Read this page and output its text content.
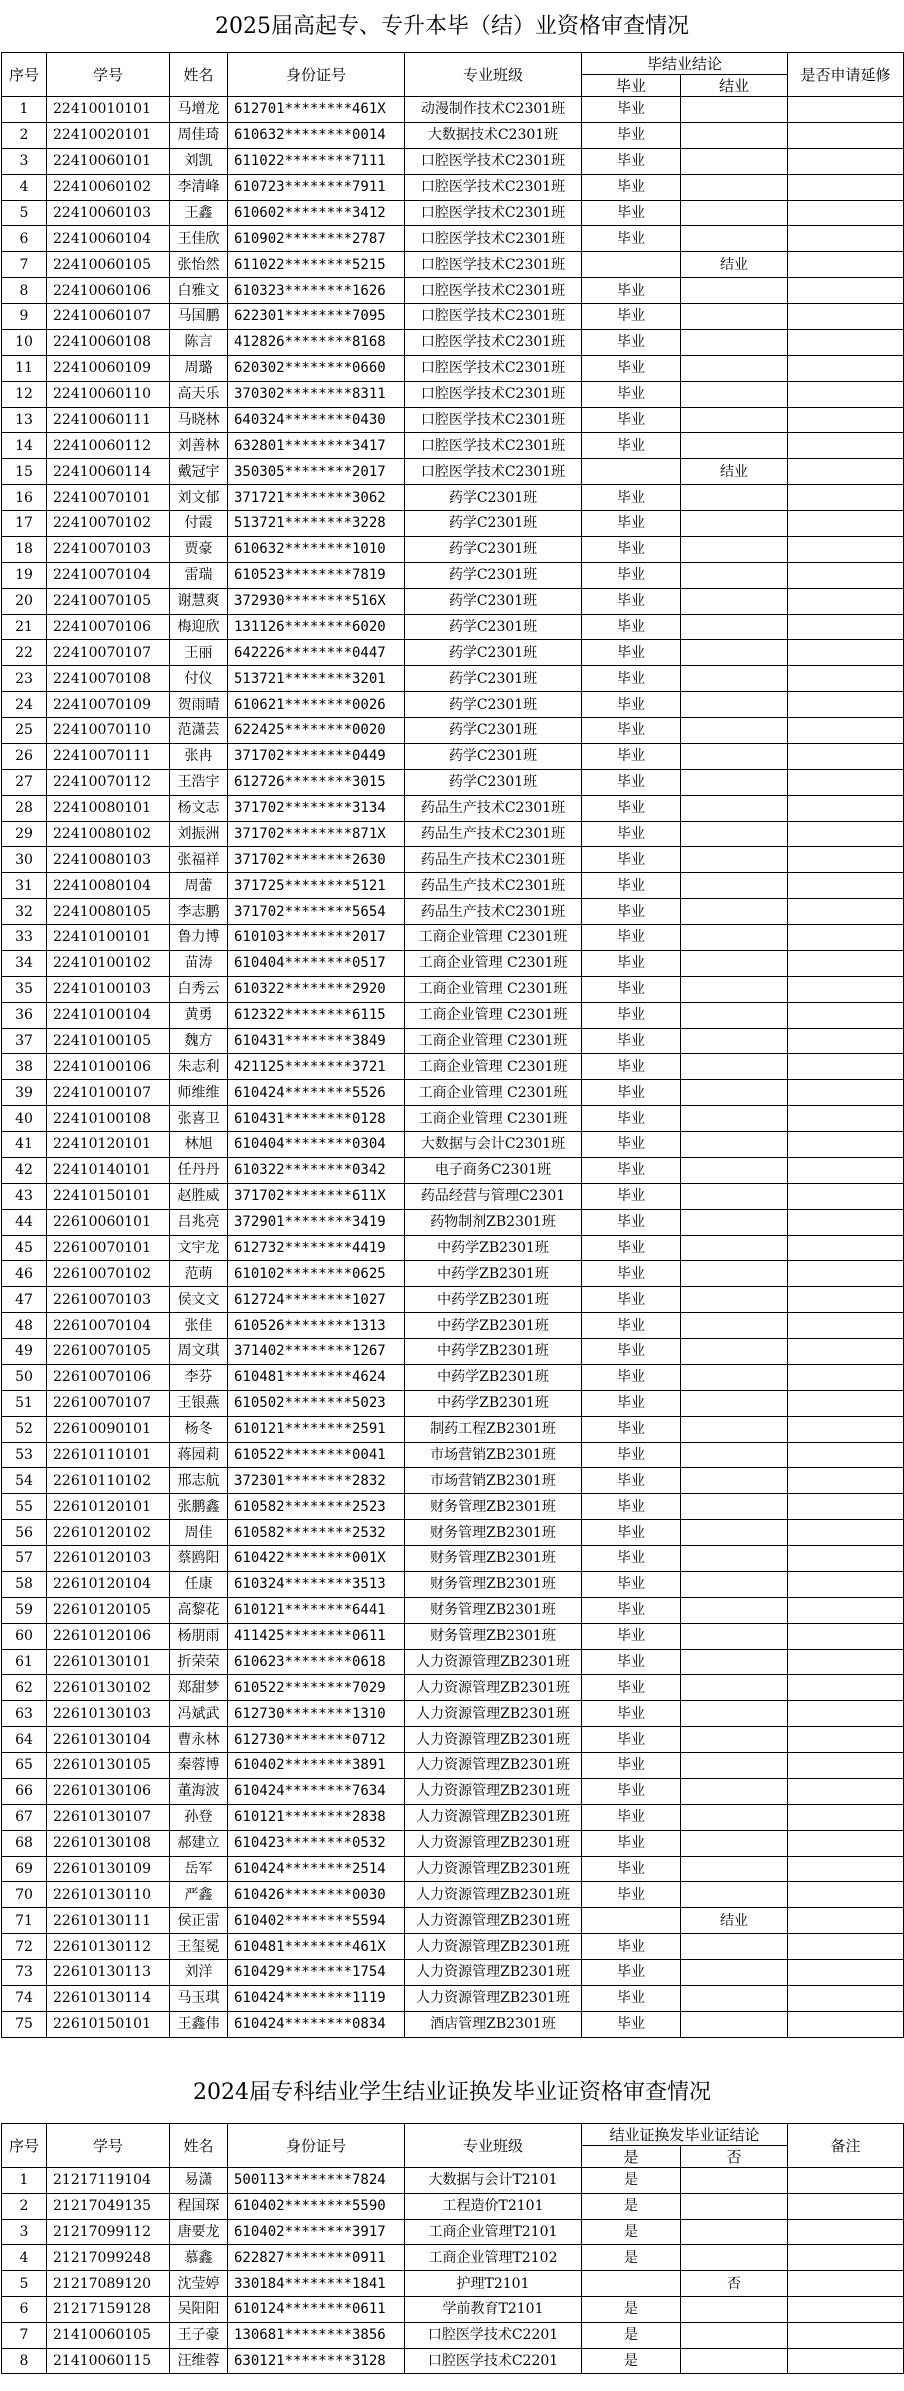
2025届高起专、专升本毕（结）业资格审查情况
序号	学号	姓名	身份证号	专业班级	毕结业结论		是否申请延修
					毕业	结业	
1	22410010101	马增龙	612701********461X	动漫制作技术C2301班	毕业		
2	22410020101	周佳琦	610632********0014	大数据技术C2301班	毕业		
3	22410060101	刘凯	611022********7111	口腔医学技术C2301班	毕业		
4	22410060102	李清峰	610723********7911	口腔医学技术C2301班	毕业		
5	22410060103	王鑫	610602********3412	口腔医学技术C2301班	毕业		
6	22410060104	王佳欣	610902********2787	口腔医学技术C2301班	毕业		
7	22410060105	张怡然	611022********5215	口腔医学技术C2301班		结业	
8	22410060106	白雅文	610323********1626	口腔医学技术C2301班	毕业		
9	22410060107	马国鹏	622301********7095	口腔医学技术C2301班	毕业		
10	22410060108	陈言	412826********8168	口腔医学技术C2301班	毕业		
11	22410060109	周璐	620302********0660	口腔医学技术C2301班	毕业		
12	22410060110	高天乐	370302********8311	口腔医学技术C2301班	毕业		
13	22410060111	马晓林	640324********0430	口腔医学技术C2301班	毕业		
14	22410060112	刘善林	632801********3417	口腔医学技术C2301班	毕业		
15	22410060114	戴冠宇	350305********2017	口腔医学技术C2301班		结业	
16	22410070101	刘文郁	371721********3062	药学C2301班	毕业		
17	22410070102	付霞	513721********3228	药学C2301班	毕业		
18	22410070103	贾豪	610632********1010	药学C2301班	毕业		
19	22410070104	雷瑞	610523********7819	药学C2301班	毕业		
20	22410070105	谢慧爽	372930********516X	药学C2301班	毕业		
21	22410070106	梅迎欣	131126********6020	药学C2301班	毕业		
22	22410070107	王丽	642226********0447	药学C2301班	毕业		
23	22410070108	付仪	513721********3201	药学C2301班	毕业		
24	22410070109	贺雨晴	610621********0026	药学C2301班	毕业		
25	22410070110	范潇芸	622425********0020	药学C2301班	毕业		
26	22410070111	张冉	371702********0449	药学C2301班	毕业		
27	22410070112	王浩宇	612726********3015	药学C2301班	毕业		
28	22410080101	杨文志	371702********3134	药品生产技术C2301班	毕业		
29	22410080102	刘振洲	371702********871X	药品生产技术C2301班	毕业		
30	22410080103	张福祥	371702********2630	药品生产技术C2301班	毕业		
31	22410080104	周蕾	371725********5121	药品生产技术C2301班	毕业		
32	22410080105	李志鹏	371702********5654	药品生产技术C2301班	毕业		
33	22410100101	鲁力博	610103********2017	工商企业管理 C2301班	毕业		
34	22410100102	苗涛	610404********0517	工商企业管理 C2301班	毕业		
35	22410100103	白秀云	610322********2920	工商企业管理 C2301班	毕业		
36	22410100104	黄勇	612322********6115	工商企业管理 C2301班	毕业		
37	22410100105	魏方	610431********3849	工商企业管理 C2301班	毕业		
38	22410100106	朱志利	421125********3721	工商企业管理 C2301班	毕业		
39	22410100107	师维维	610424********5526	工商企业管理 C2301班	毕业		
40	22410100108	张喜卫	610431********0128	工商企业管理 C2301班	毕业		
41	22410120101	林旭	610404********0304	大数据与会计C2301班	毕业		
42	22410140101	任丹丹	610322********0342	电子商务C2301班	毕业		
43	22410150101	赵胜威	371702********611X	药品经营与管理C2301	毕业		
44	22610060101	吕兆亮	372901********3419	药物制剂ZB2301班	毕业		
45	22610070101	文宇龙	612732********4419	中药学ZB2301班	毕业		
46	22610070102	范萌	610102********0625	中药学ZB2301班	毕业		
47	22610070103	侯文文	612724********1027	中药学ZB2301班	毕业		
48	22610070104	张佳	610526********1313	中药学ZB2301班	毕业		
49	22610070105	周文琪	371402********1267	中药学ZB2301班	毕业		
50	22610070106	李芬	610481********4624	中药学ZB2301班	毕业		
51	22610070107	王银燕	610502********5023	中药学ZB2301班	毕业		
52	22610090101	杨冬	610121********2591	制药工程ZB2301班	毕业		
53	22610110101	蒋园莉	610522********0041	市场营销ZB2301班	毕业		
54	22610110102	邢志航	372301********2832	市场营销ZB2301班	毕业		
55	22610120101	张鹏鑫	610582********2523	财务管理ZB2301班	毕业		
56	22610120102	周佳	610582********2532	财务管理ZB2301班	毕业		
57	22610120103	蔡鸥阳	610422********001X	财务管理ZB2301班	毕业		
58	22610120104	任康	610324********3513	财务管理ZB2301班	毕业		
59	22610120105	高黎花	610121********6441	财务管理ZB2301班	毕业		
60	22610120106	杨朋雨	411425********0611	财务管理ZB2301班	毕业		
61	22610130101	折荣荣	610623********0618	人力资源管理ZB2301班	毕业		
62	22610130102	郑甜梦	610522********7029	人力资源管理ZB2301班	毕业		
63	22610130103	冯斌武	612730********1310	人力资源管理ZB2301班	毕业		
64	22610130104	曹永林	612730********0712	人力资源管理ZB2301班	毕业		
65	22610130105	秦蓉博	610402********3891	人力资源管理ZB2301班	毕业		
66	22610130106	董海波	610424********7634	人力资源管理ZB2301班	毕业		
67	22610130107	孙登	610121********2838	人力资源管理ZB2301班	毕业		
68	22610130108	郝建立	610423********0532	人力资源管理ZB2301班	毕业		
69	22610130109	岳军	610424********2514	人力资源管理ZB2301班	毕业		
70	22610130110	严鑫	610426********0030	人力资源管理ZB2301班	毕业		
71	22610130111	侯正雷	610402********5594	人力资源管理ZB2301班		结业	
72	22610130112	王玺冕	610481********461X	人力资源管理ZB2301班	毕业		
73	22610130113	刘洋	610429********1754	人力资源管理ZB2301班	毕业		
74	22610130114	马玉琪	610424********1119	人力资源管理ZB2301班	毕业		
75	22610150101	王鑫伟	610424********0834	酒店管理ZB2301班	毕业		
2024届专科结业学生结业证换发毕业证资格审查情况
序号	学号	姓名	身份证号	专业班级	结业证换发毕业证结论		备注
					是	否	
1	21217119104	易潇	500113********7824	大数据与会计T2101	是		
2	21217049135	程国琛	610402********5590	工程造价T2101	是		
3	21217099112	唐要龙	610402********3917	工商企业管理T2101	是		
4	21217099248	慕鑫	622827********0911	工商企业管理T2102	是		
5	21217089120	沈莹婷	330184********1841	护理T2101		否	
6	21217159128	吴阳阳	610124********0611	学前教育T2101	是		
7	21410060105	王子豪	130681********3856	口腔医学技术C2201	是		
8	21410060115	汪维蓉	630121********3128	口腔医学技术C2201	是		
